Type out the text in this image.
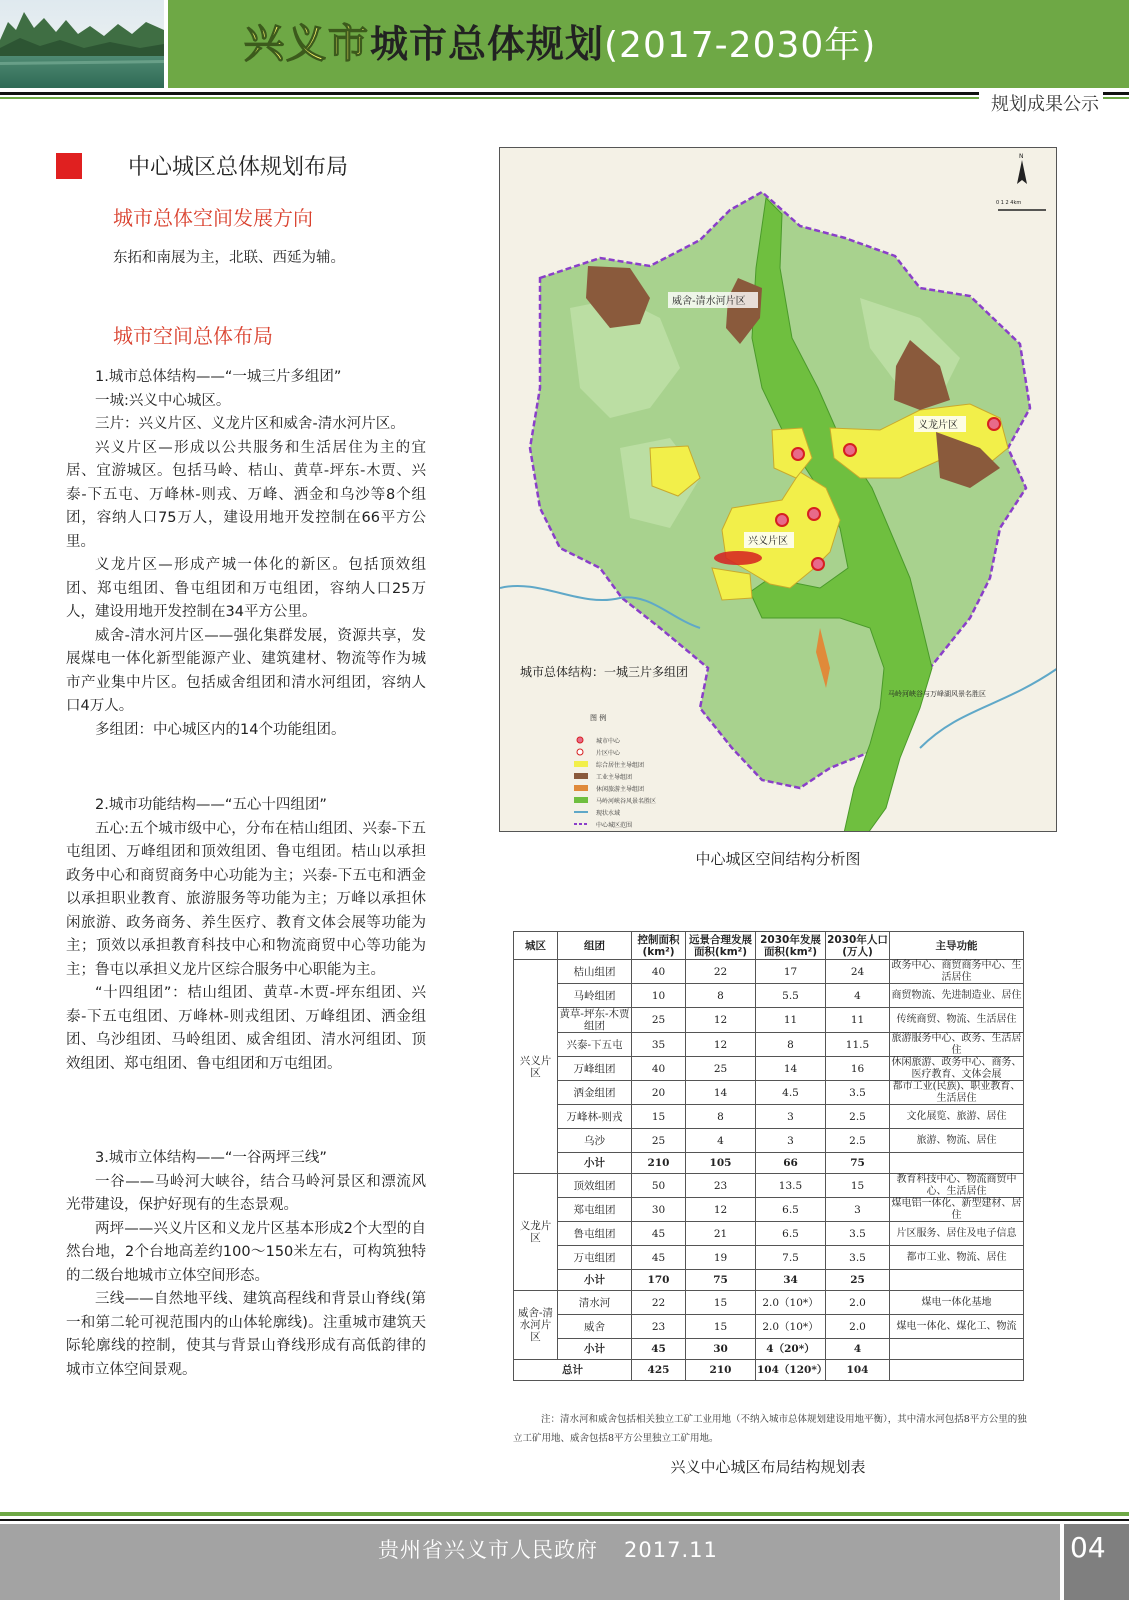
兴义市城市总体规划(2017-2030年)
规划成果公示
中心城区总体规划布局
城市总体空间发展方向

东拓和南展为主，北联、西延为辅。

城市空间总体布局

1.城市总体结构——“一城三片多组团”

一城:兴义中心城区。

三片：兴义片区、义龙片区和威舍-清水河片区。

兴义片区—形成以公共服务和生活居住为主的宜居、宜游城区。包括马岭、桔山、黄草-坪东-木贾、兴泰-下五屯、万峰林-则戎、万峰、洒金和乌沙等8个组团，容纳人口75万人，建设用地开发控制在66平方公里。

义龙片区—形成产城一体化的新区。包括顶效组团、郑屯组团、鲁屯组团和万屯组团，容纳人口25万人，建设用地开发控制在34平方公里。

威舍-清水河片区——强化集群发展，资源共享，发展煤电一体化新型能源产业、建筑建材、物流等作为城市产业集中片区。包括威舍组团和清水河组团，容纳人口4万人。

多组团：中心城区内的14个功能组团。

2.城市功能结构——“五心十四组团”

五心:五个城市级中心，分布在桔山组团、兴泰-下五屯组团、万峰组团和顶效组团、鲁屯组团。桔山以承担政务中心和商贸商务中心功能为主；兴泰-下五屯和洒金以承担职业教育、旅游服务等功能为主；万峰以承担休闲旅游、政务商务、养生医疗、教育文体会展等功能为主；顶效以承担教育科技中心和物流商贸中心等功能为主；鲁屯以承担义龙片区综合服务中心职能为主。

“十四组团”：桔山组团、黄草-木贾-坪东组团、兴泰-下五屯组团、万峰林-则戎组团、万峰组团、洒金组团、乌沙组团、马岭组团、威舍组团、清水河组团、顶效组团、郑屯组团、鲁屯组团和万屯组团。

3.城市立体结构——“一谷两坪三线”

一谷——马岭河大峡谷，结合马岭河景区和漂流风光带建设，保护好现有的生态景观。

两坪——兴义片区和义龙片区基本形成2个大型的自然台地，2个台地高差约100～150米左右，可构筑独特的二级台地城市立体空间形态。

三线——自然地平线、建筑高程线和背景山脊线(第一和第二轮可视范围内的山体轮廓线)。注重城市建筑天际轮廓线的控制，使其与背景山脊线形成有高低韵律的城市立体空间景观。

威舍-清水河片区
兴义片区
义龙片区
马岭河峡谷与万峰湖风景名胜区
城市总体结构：一城三片多组团
N
0 1 2 4km
图 例
城市中心
片区中心
综合居住主导组团
工业主导组团
休闲旅游主导组团
马岭河峡谷风景名胜区
现状水域
中心城区范围
中心城区空间结构分析图
城区	组团	控制面积(km²)	远景合理发展面积(km²)	2030年发展面积(km²)	2030年人口(万人)	主导功能
兴义片区	桔山组团	40	22	17	24	政务中心、商贸商务中心、生活居住
	马岭组团	10	8	5.5	4	商贸物流、先进制造业、居住
	黄草-坪东-木贾组团	25	12	11	11	传统商贸、物流、生活居住
	兴泰-下五屯	35	12	8	11.5	旅游服务中心、政务、生活居住
	万峰组团	40	25	14	16	休闲旅游、政务中心、商务、医疗教育、文体会展
	洒金组团	20	14	4.5	3.5	都市工业(民族)、职业教育、生活居住
	万峰林-则戎	15	8	3	2.5	文化展览、旅游、居住
	乌沙	25	4	3	2.5	旅游、物流、居住
	小计	210	105	66	75	
义龙片区	顶效组团	50	23	13.5	15	教育科技中心、物流商贸中心、生活居住
	郑屯组团	30	12	6.5	3	煤电铝一体化、新型建材、居住
	鲁屯组团	45	21	6.5	3.5	片区服务、居住及电子信息
	万屯组团	45	19	7.5	3.5	都市工业、物流、居住
	小计	170	75	34	25	
威舍-清水河片区	清水河	22	15	2.0（10*）	2.0	煤电一体化基地
	威舍	23	15	2.0（10*）	2.0	煤电一体化、煤化工、物流
	小计	45	30	4（20*）	4	
总计		425	210	104（120*）	104	
注：清水河和威舍包括相关独立工矿工业用地（不纳入城市总体规划建设用地平衡），其中清水河包括8平方公里的独立工矿用地、威舍包括8平方公里独立工矿用地。
兴义中心城区布局结构规划表
贵州省兴义市人民政府 2017.11	04
